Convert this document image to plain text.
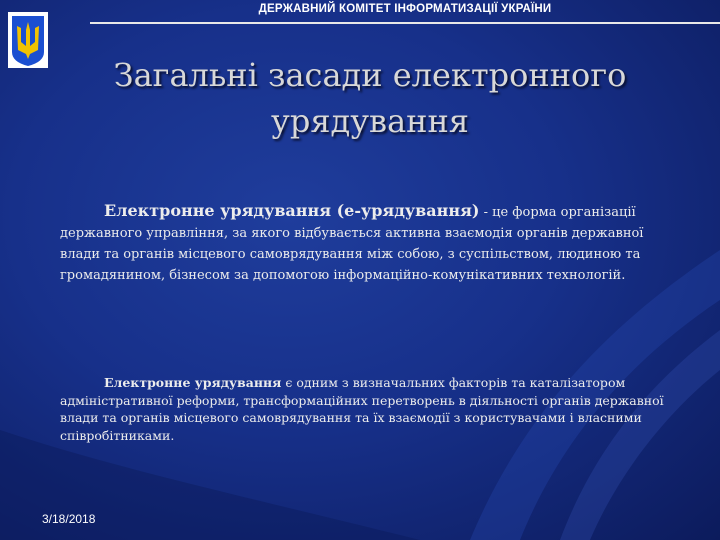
ДЕРЖАВНИЙ КОМІТЕТ ІНФОРМАТИЗАЦІЇ УКРАЇНИ
Загальні засади електронного
урядування
Електронне урядування (е-урядування) - це форма організації державного управління, за якого відбувається активна взаємодія органів державної влади та органів місцевого самоврядування між собою, з суспільством, людиною та громадянином, бізнесом за допомогою інформаційно-комунікативних технологій.
Електронне урядування є одним з визначальних факторів та каталізатором адміністративної реформи, трансформаційних перетворень в діяльності органів державної влади та органів місцевого самоврядування та їх взаємодії з користувачами і власними співробітниками.
3/18/2018
